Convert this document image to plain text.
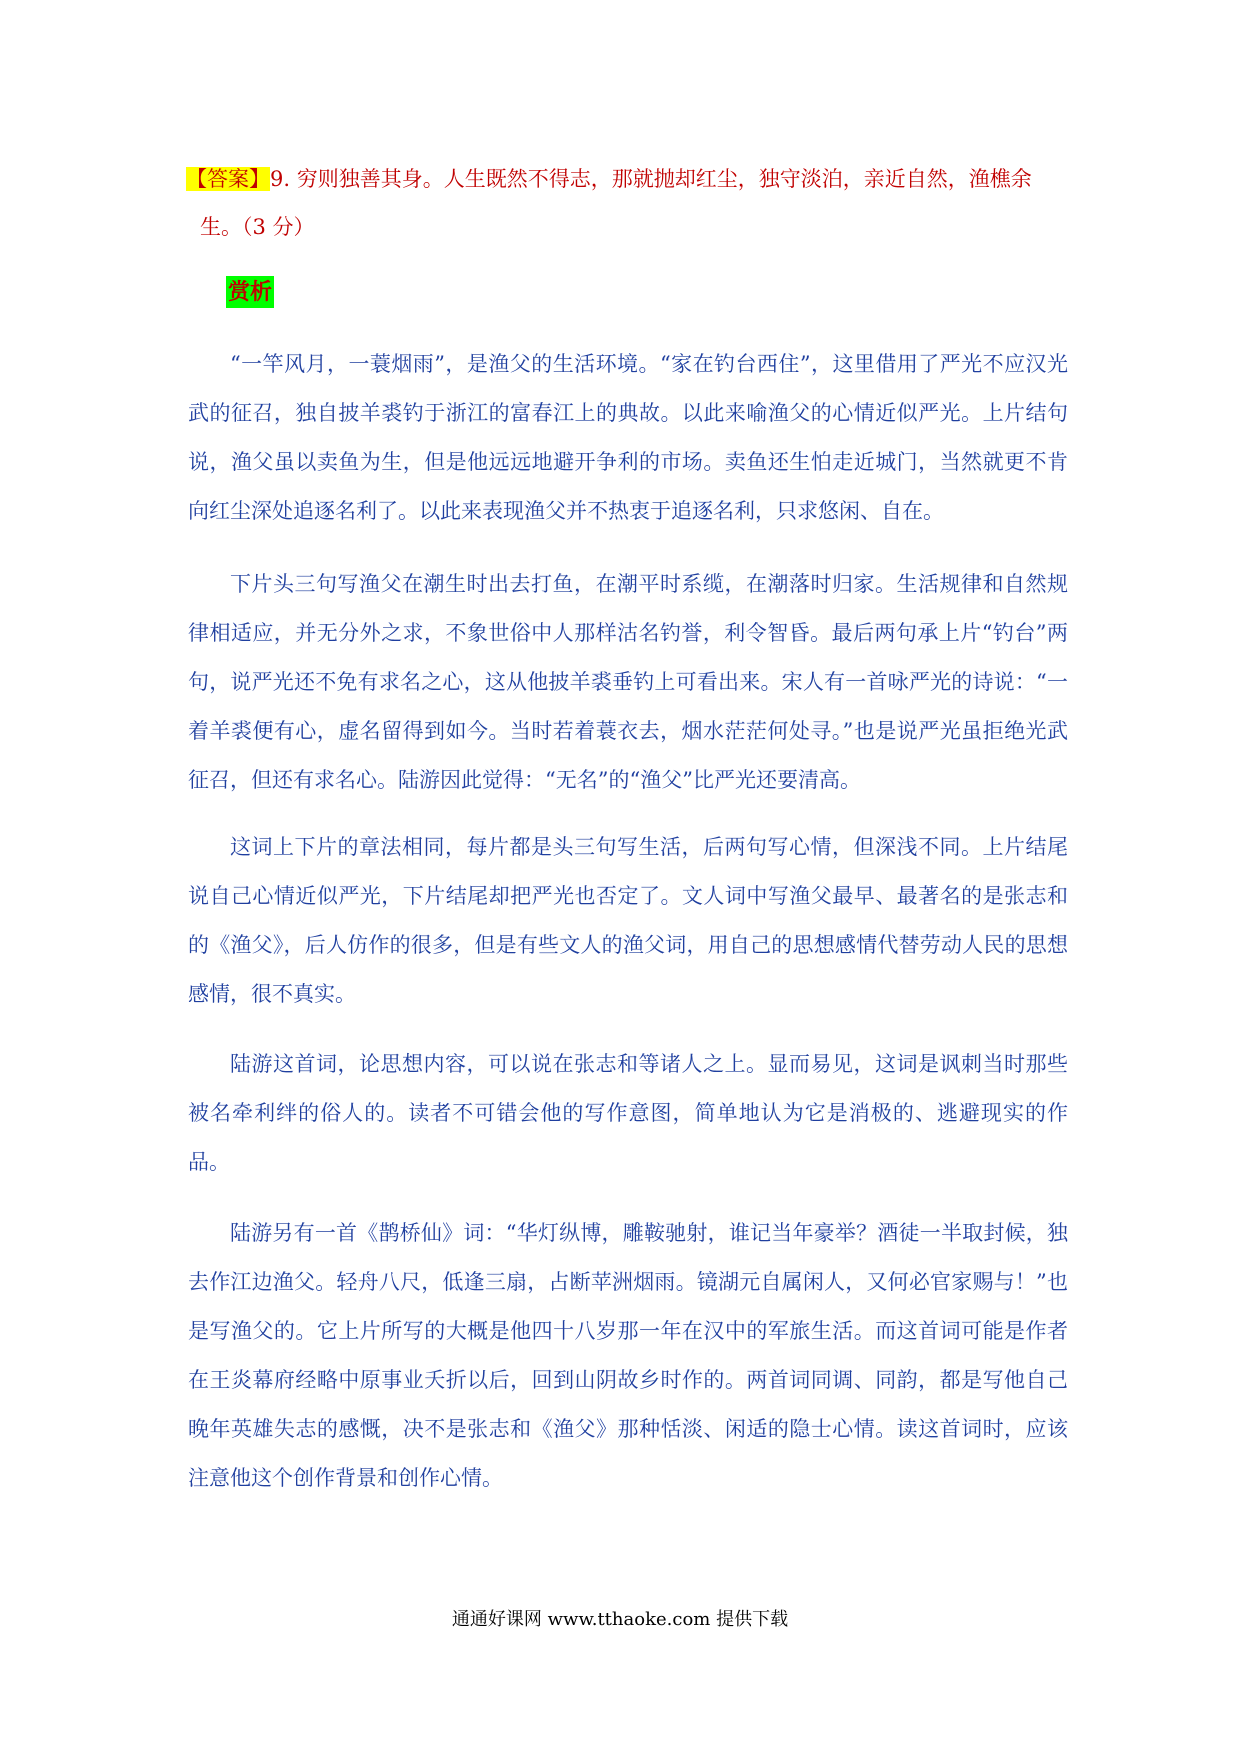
【答案】9. 穷则独善其身。人生既然不得志，那就抛却红尘，独守淡泊，亲近自然，渔樵余
生。（3 分）

赏析

“一竿风月，一蓑烟雨”，是渔父的生活环境。“家在钓台西住”，这里借用了严光不应汉光武的征召，独自披羊裘钓于浙江的富春江上的典故。以此来喻渔父的心情近似严光。上片结句说，渔父虽以卖鱼为生，但是他远远地避开争利的市场。卖鱼还生怕走近城门，当然就更不肯向红尘深处追逐名利了。以此来表现渔父并不热衷于追逐名利，只求悠闲、自在。

下片头三句写渔父在潮生时出去打鱼，在潮平时系缆，在潮落时归家。生活规律和自然规律相适应，并无分外之求，不象世俗中人那样沽名钓誉，利令智昏。最后两句承上片“钓台”两句，说严光还不免有求名之心，这从他披羊裘垂钓上可看出来。宋人有一首咏严光的诗说：“一着羊裘便有心，虚名留得到如今。当时若着蓑衣去，烟水茫茫何处寻。”也是说严光虽拒绝光武征召，但还有求名心。陆游因此觉得：“无名”的“渔父”比严光还要清高。

这词上下片的章法相同，每片都是头三句写生活，后两句写心情，但深浅不同。上片结尾说自己心情近似严光，下片结尾却把严光也否定了。文人词中写渔父最早、最著名的是张志和的《渔父》，后人仿作的很多，但是有些文人的渔父词，用自己的思想感情代替劳动人民的思想感情，很不真实。

陆游这首词，论思想内容，可以说在张志和等诸人之上。显而易见，这词是讽刺当时那些被名牵利绊的俗人的。读者不可错会他的写作意图，简单地认为它是消极的、逃避现实的作品。

陆游另有一首《鹊桥仙》词：“华灯纵博，雕鞍驰射，谁记当年豪举？酒徒一半取封候，独去作江边渔父。轻舟八尺，低逢三扇，占断苹洲烟雨。镜湖元自属闲人，又何必官家赐与！”也是写渔父的。它上片所写的大概是他四十八岁那一年在汉中的军旅生活。而这首词可能是作者在王炎幕府经略中原事业夭折以后，回到山阴故乡时作的。两首词同调、同韵，都是写他自己晚年英雄失志的感慨，决不是张志和《渔父》那种恬淡、闲适的隐士心情。读这首词时，应该注意他这个创作背景和创作心情。

通通好课网 www.tthaoke.com 提供下载
